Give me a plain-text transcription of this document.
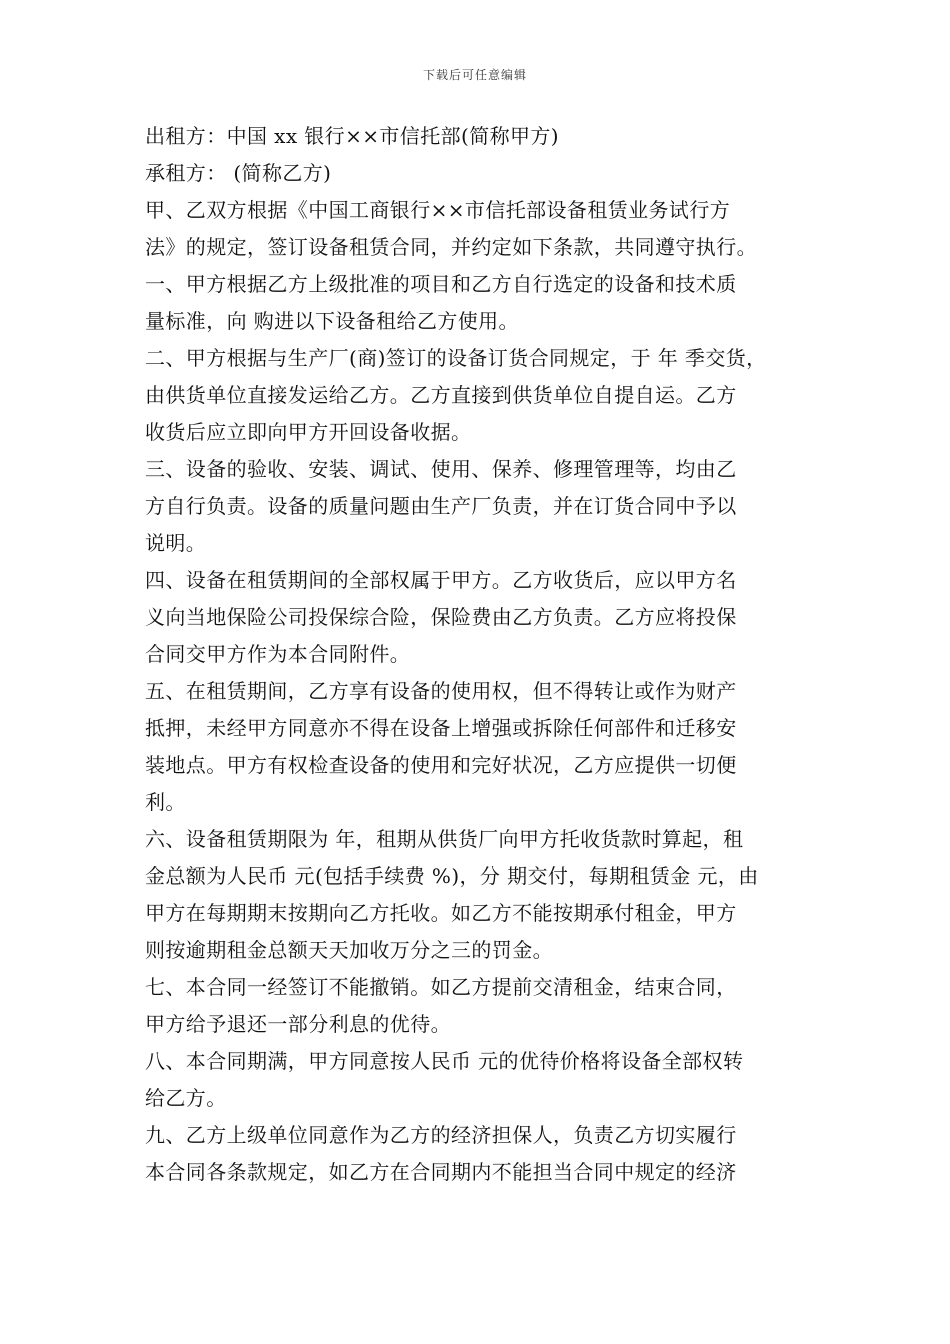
下载后可任意编辑
出租方：中国 xx 银行××市信托部(简称甲方)
承租方： (简称乙方)
甲、乙双方根据《中国工商银行××市信托部设备租赁业务试行方
法》的规定，签订设备租赁合同，并约定如下条款，共同遵守执行。
一、甲方根据乙方上级批准的项目和乙方自行选定的设备和技术质
量标准，向 购进以下设备租给乙方使用。
二、甲方根据与生产厂(商)签订的设备订货合同规定，于 年 季交货，
由供货单位直接发运给乙方。乙方直接到供货单位自提自运。乙方
收货后应立即向甲方开回设备收据。
三、设备的验收、安装、调试、使用、保养、修理管理等，均由乙
方自行负责。设备的质量问题由生产厂负责，并在订货合同中予以
说明。
四、设备在租赁期间的全部权属于甲方。乙方收货后，应以甲方名
义向当地保险公司投保综合险，保险费由乙方负责。乙方应将投保
合同交甲方作为本合同附件。
五、在租赁期间，乙方享有设备的使用权，但不得转让或作为财产
抵押，未经甲方同意亦不得在设备上增强或拆除任何部件和迁移安
装地点。甲方有权检查设备的使用和完好状况，乙方应提供一切便
利。
六、设备租赁期限为 年，租期从供货厂向甲方托收货款时算起，租
金总额为人民币 元(包括手续费 %)，分 期交付，每期租赁金 元，由
甲方在每期期末按期向乙方托收。如乙方不能按期承付租金，甲方
则按逾期租金总额天天加收万分之三的罚金。
七、本合同一经签订不能撤销。如乙方提前交清租金，结束合同，
甲方给予退还一部分利息的优待。
八、本合同期满，甲方同意按人民币 元的优待价格将设备全部权转
给乙方。
九、乙方上级单位同意作为乙方的经济担保人，负责乙方切实履行
本合同各条款规定，如乙方在合同期内不能担当合同中规定的经济
